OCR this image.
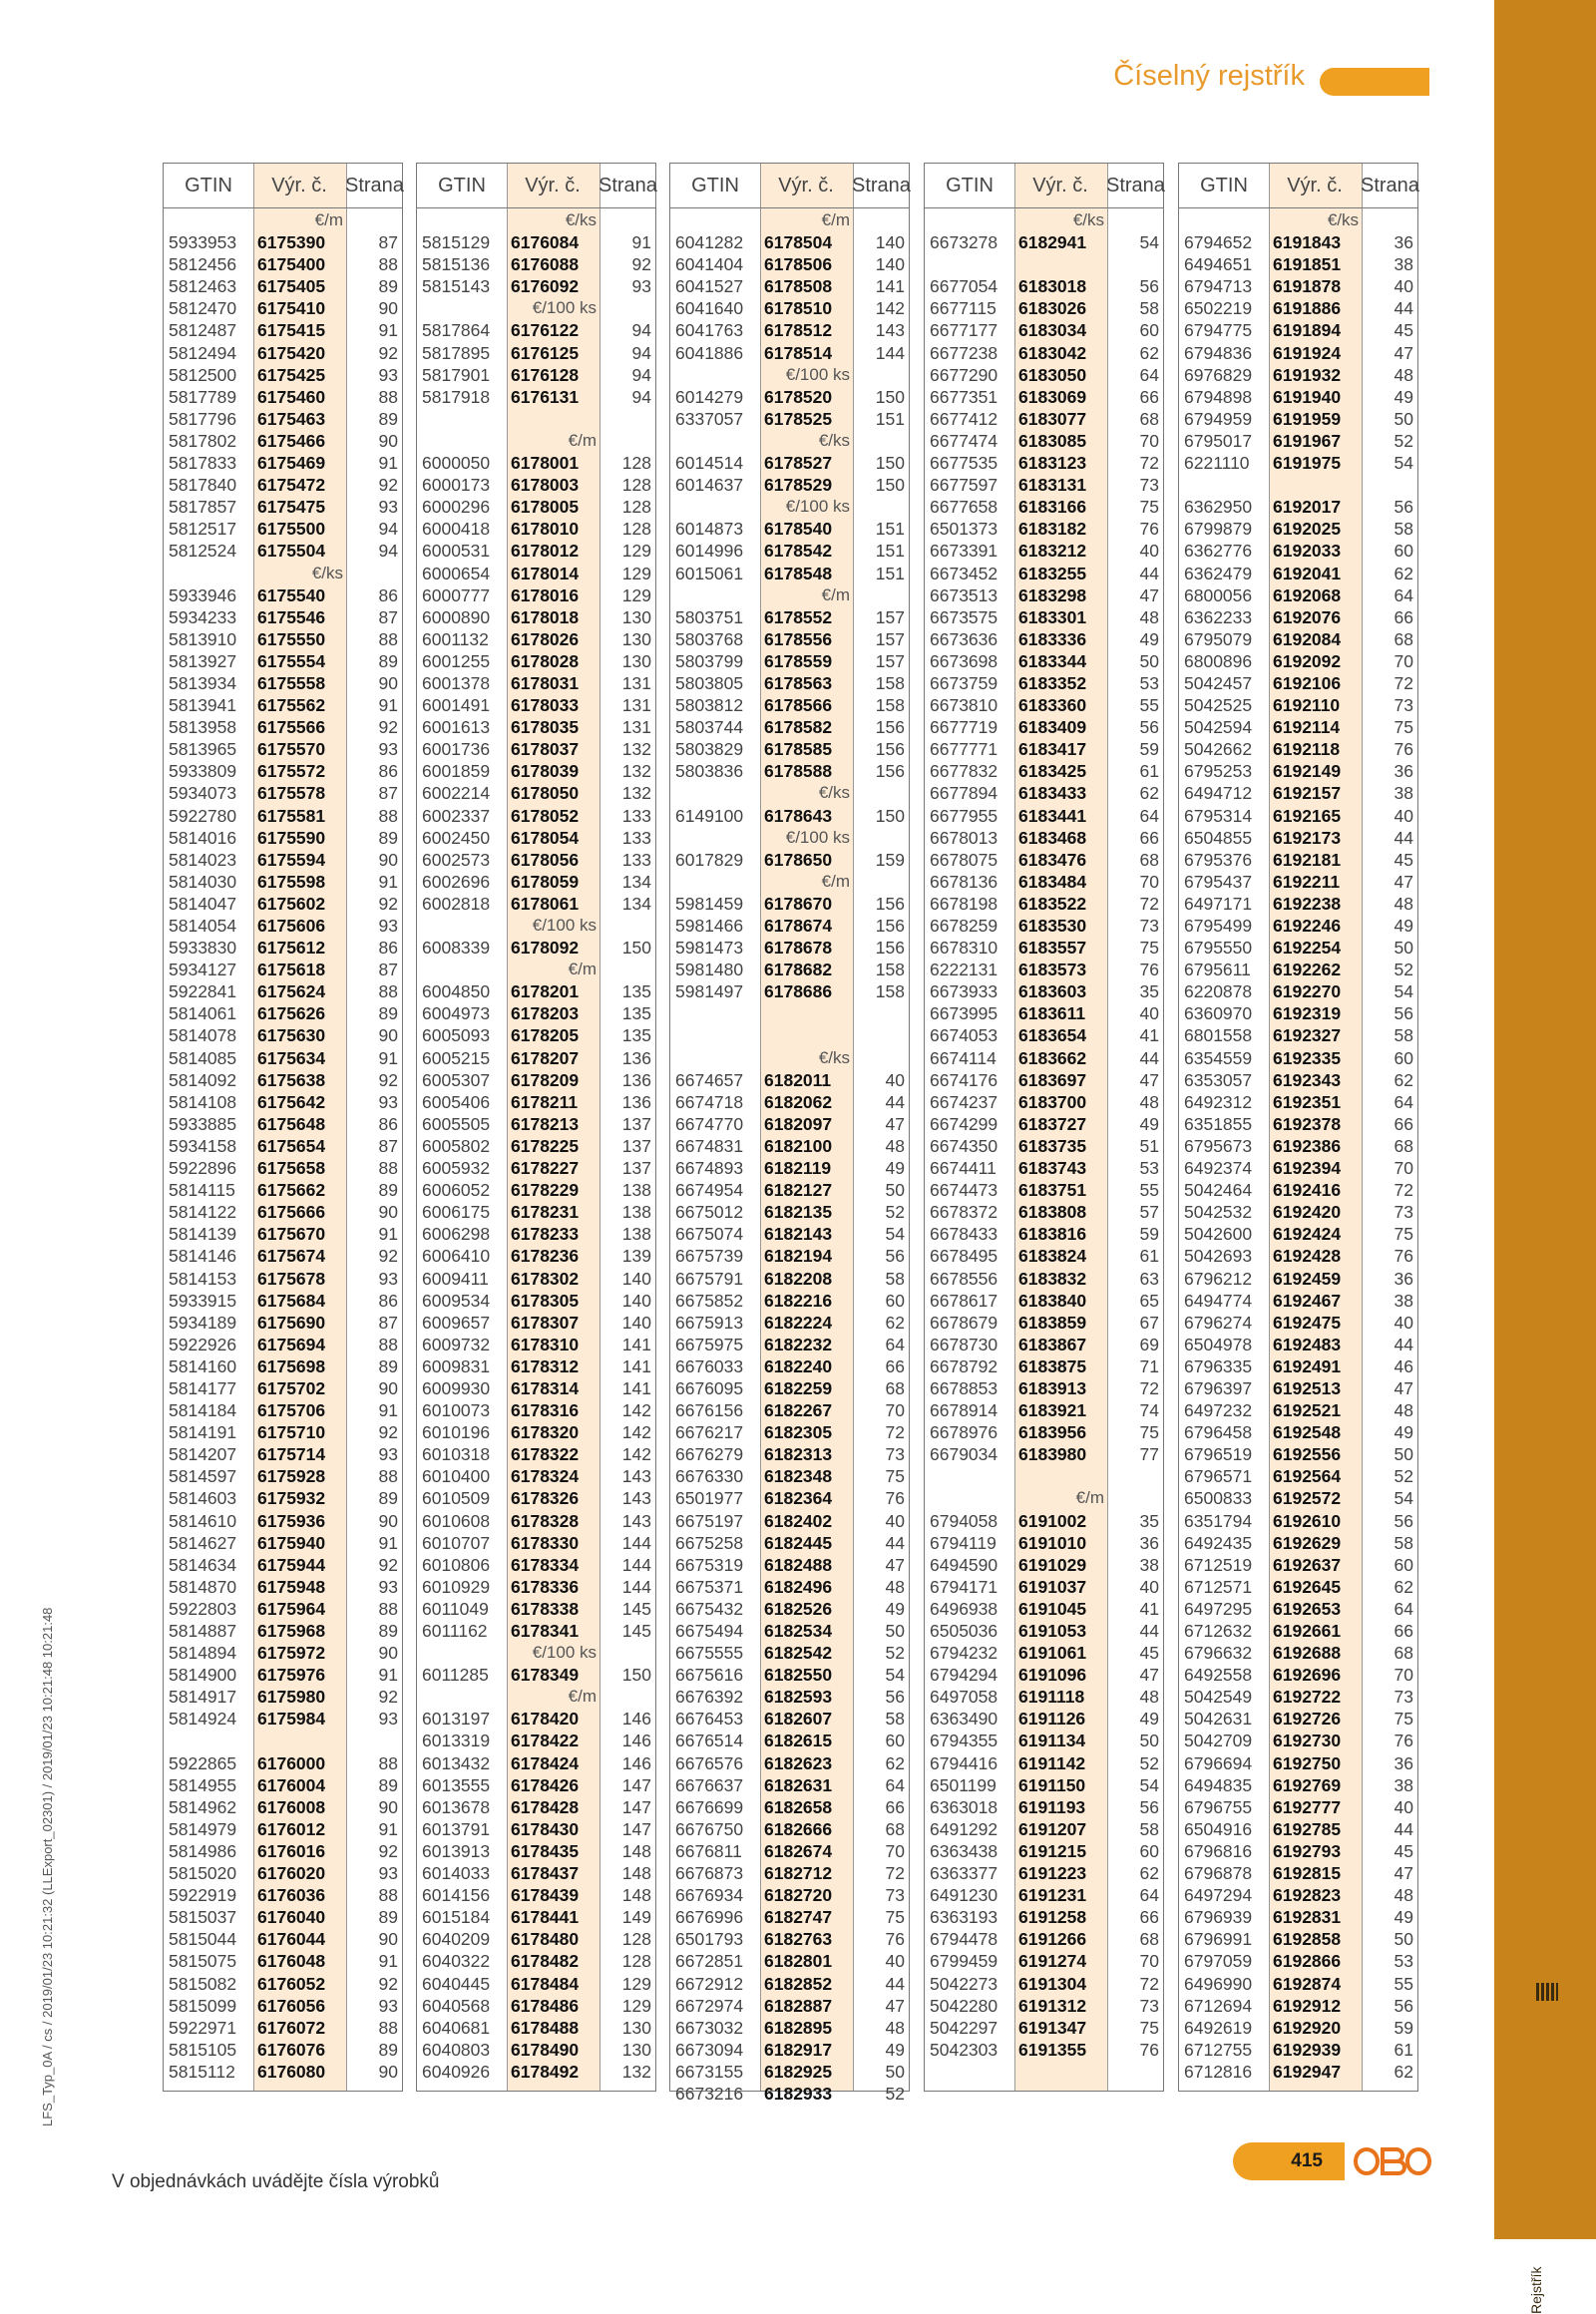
Číselný rejstřík
Rejstřík
LFS_Typ_0A / cs / 2019/01/23 10:21:32 (LLExport_02301) / 2019/01/23 10:21:48 10:21:48
GTIN	Výr. č. Strana
€/m
5933953	6175390	87
5812456	6175400	88
5812463	6175405	89
5812470	6175410	90
5812487	6175415	91
5812494	6175420	92
5812500	6175425	93
5817789	6175460	88
5817796	6175463	89
5817802	6175466	90
5817833	6175469	91
5817840	6175472	92
5817857	6175475	93
5812517	6175500	94
5812524	6175504	94
€/ks
5933946	6175540	86
5934233	6175546	87
5813910	6175550	88
5813927	6175554	89
5813934	6175558	90
5813941	6175562	91
5813958	6175566	92
5813965	6175570	93
5933809	6175572	86
5934073	6175578	87
5922780	6175581	88
5814016	6175590	89
5814023	6175594	90
5814030	6175598	91
5814047	6175602	92
5814054	6175606	93
5933830	6175612	86
5934127	6175618	87
5922841	6175624	88
5814061	6175626	89
5814078	6175630	90
5814085	6175634	91
5814092	6175638	92
5814108	6175642	93
5933885	6175648	86
5934158	6175654	87
5922896	6175658	88
5814115	6175662	89
5814122	6175666	90
5814139	6175670	91
5814146	6175674	92
5814153	6175678	93
5933915	6175684	86
5934189	6175690	87
5922926	6175694	88
5814160	6175698	89
5814177	6175702	90
5814184	6175706	91
5814191	6175710	92
5814207	6175714	93
5814597	6175928	88
5814603	6175932	89
5814610	6175936	90
5814627	6175940	91
5814634	6175944	92
5814870	6175948	93
5922803	6175964	88
5814887	6175968	89
5814894	6175972	90
5814900	6175976	91
5814917	6175980	92
5814924	6175984	93
5922865	6176000	88
5814955	6176004	89
5814962	6176008	90
5814979	6176012	91
5814986	6176016	92
5815020	6176020	93
5922919	6176036	88
5815037	6176040	89
5815044	6176044	90
5815075	6176048	91
5815082	6176052	92
5815099	6176056	93
5922971	6176072	88
5815105	6176076	89
5815112	6176080	90
GTIN	Výr. č. Strana
€/ks
5815129	6176084	91
5815136	6176088	92
5815143	6176092	93
€/100 ks
5817864	6176122	94
5817895	6176125	94
5817901	6176128	94
5817918	6176131	94
€/m
6000050	6178001	128
6000173	6178003	128
6000296	6178005	128
6000418	6178010	128
6000531	6178012	129
6000654	6178014	129
6000777	6178016	129
6000890	6178018	130
6001132	6178026	130
6001255	6178028	130
6001378	6178031	131
6001491	6178033	131
6001613	6178035	131
6001736	6178037	132
6001859	6178039	132
6002214	6178050	132
6002337	6178052	133
6002450	6178054	133
6002573	6178056	133
6002696	6178059	134
6002818	6178061	134
€/100 ks
6008339	6178092	150
€/m
6004850	6178201	135
6004973	6178203	135
6005093	6178205	135
6005215	6178207	136
6005307	6178209	136
6005406	6178211	136
6005505	6178213	137
6005802	6178225	137
6005932	6178227	137
6006052	6178229	138
6006175	6178231	138
6006298	6178233	138
6006410	6178236	139
6009411	6178302	140
6009534	6178305	140
6009657	6178307	140
6009732	6178310	141
6009831	6178312	141
6009930	6178314	141
6010073	6178316	142
6010196	6178320	142
6010318	6178322	142
6010400	6178324	143
6010509	6178326	143
6010608	6178328	143
6010707	6178330	144
6010806	6178334	144
6010929	6178336	144
6011049	6178338	145
6011162	6178341	145
€/100 ks
6011285	6178349	150
€/m
6013197	6178420	146
6013319	6178422	146
6013432	6178424	146
6013555	6178426	147
6013678	6178428	147
6013791	6178430	147
6013913	6178435	148
6014033	6178437	148
6014156	6178439	148
6015184	6178441	149
6040209	6178480	128
6040322	6178482	128
6040445	6178484	129
6040568	6178486	129
6040681	6178488	130
6040803	6178490	130
6040926	6178492	132
GTIN	Výr. č. Strana
€/m
6041282	6178504	140
6041404	6178506	140
6041527	6178508	141
6041640	6178510	142
6041763	6178512	143
6041886	6178514	144
€/100 ks
6014279	6178520	150
6337057	6178525	151
€/ks
6014514	6178527	150
6014637	6178529	150
€/100 ks
6014873	6178540	151
6014996	6178542	151
6015061	6178548	151
€/m
5803751	6178552	157
5803768	6178556	157
5803799	6178559	157
5803805	6178563	158
5803812	6178566	158
5803744	6178582	156
5803829	6178585	156
5803836	6178588	156
€/ks
6149100	6178643	150
€/100 ks
6017829	6178650	159
€/m
5981459	6178670	156
5981466	6178674	156
5981473	6178678	156
5981480	6178682	158
5981497	6178686	158
€/ks
6674657	6182011	40
6674718	6182062	44
6674770	6182097	47
6674831	6182100	48
6674893	6182119	49
6674954	6182127	50
6675012	6182135	52
6675074	6182143	54
6675739	6182194	56
6675791	6182208	58
6675852	6182216	60
6675913	6182224	62
6675975	6182232	64
6676033	6182240	66
6676095	6182259	68
6676156	6182267	70
6676217	6182305	72
6676279	6182313	73
6676330	6182348	75
6501977	6182364	76
6675197	6182402	40
6675258	6182445	44
6675319	6182488	47
6675371	6182496	48
6675432	6182526	49
6675494	6182534	50
6675555	6182542	52
6675616	6182550	54
6676392	6182593	56
6676453	6182607	58
6676514	6182615	60
6676576	6182623	62
6676637	6182631	64
6676699	6182658	66
6676750	6182666	68
6676811	6182674	70
6676873	6182712	72
6676934	6182720	73
6676996	6182747	75
6501793	6182763	76
6672851	6182801	40
6672912	6182852	44
6672974	6182887	47
6673032	6182895	48
6673094	6182917	49
6673155	6182925	50
6673216	6182933	52
GTIN	Výr. č. Strana
€/ks
6673278	6182941	54
6677054	6183018	56
6677115	6183026	58
6677177	6183034	60
6677238	6183042	62
6677290	6183050	64
6677351	6183069	66
6677412	6183077	68
6677474	6183085	70
6677535	6183123	72
6677597	6183131	73
6677658	6183166	75
6501373	6183182	76
6673391	6183212	40
6673452	6183255	44
6673513	6183298	47
6673575	6183301	48
6673636	6183336	49
6673698	6183344	50
6673759	6183352	53
6673810	6183360	55
6677719	6183409	56
6677771	6183417	59
6677832	6183425	61
6677894	6183433	62
6677955	6183441	64
6678013	6183468	66
6678075	6183476	68
6678136	6183484	70
6678198	6183522	72
6678259	6183530	73
6678310	6183557	75
6222131	6183573	76
6673933	6183603	35
6673995	6183611	40
6674053	6183654	41
6674114	6183662	44
6674176	6183697	47
6674237	6183700	48
6674299	6183727	49
6674350	6183735	51
6674411	6183743	53
6674473	6183751	55
6678372	6183808	57
6678433	6183816	59
6678495	6183824	61
6678556	6183832	63
6678617	6183840	65
6678679	6183859	67
6678730	6183867	69
6678792	6183875	71
6678853	6183913	72
6678914	6183921	74
6678976	6183956	75
6679034	6183980	77
€/m
6794058	6191002	35
6794119	6191010	36
6494590	6191029	38
6794171	6191037	40
6496938	6191045	41
6505036	6191053	44
6794232	6191061	45
6794294	6191096	47
6497058	6191118	48
6363490	6191126	49
6794355	6191134	50
6794416	6191142	52
6501199	6191150	54
6363018	6191193	56
6491292	6191207	58
6363438	6191215	60
6363377	6191223	62
6491230	6191231	64
6363193	6191258	66
6794478	6191266	68
6799459	6191274	70
5042273	6191304	72
5042280	6191312	73
5042297	6191347	75
5042303	6191355	76
GTIN	Výr. č. Strana
€/ks
6794652	6191843	36
6494651	6191851	38
6794713	6191878	40
6502219	6191886	44
6794775	6191894	45
6794836	6191924	47
6976829	6191932	48
6794898	6191940	49
6794959	6191959	50
6795017	6191967	52
6221110	6191975	54
6362950	6192017	56
6799879	6192025	58
6362776	6192033	60
6362479	6192041	62
6800056	6192068	64
6362233	6192076	66
6795079	6192084	68
6800896	6192092	70
5042457	6192106	72
5042525	6192110	73
5042594	6192114	75
5042662	6192118	76
6795253	6192149	36
6494712	6192157	38
6795314	6192165	40
6504855	6192173	44
6795376	6192181	45
6795437	6192211	47
6497171	6192238	48
6795499	6192246	49
6795550	6192254	50
6795611	6192262	52
6220878	6192270	54
6360970	6192319	56
6801558	6192327	58
6354559	6192335	60
6353057	6192343	62
6492312	6192351	64
6351855	6192378	66
6795673	6192386	68
6492374	6192394	70
5042464	6192416	72
5042532	6192420	73
5042600	6192424	75
5042693	6192428	76
6796212	6192459	36
6494774	6192467	38
6796274	6192475	40
6504978	6192483	44
6796335	6192491	46
6796397	6192513	47
6497232	6192521	48
6796458	6192548	49
6796519	6192556	50
6796571	6192564	52
6500833	6192572	54
6351794	6192610	56
6492435	6192629	58
6712519	6192637	60
6712571	6192645	62
6497295	6192653	64
6712632	6192661	66
6796632	6192688	68
6492558	6192696	70
5042549	6192722	73
5042631	6192726	75
5042709	6192730	76
6796694	6192750	36
6494835	6192769	38
6796755	6192777	40
6504916	6192785	44
6796816	6192793	45
6796878	6192815	47
6497294	6192823	48
6796939	6192831	49
6796991	6192858	50
6797059	6192866	53
6496990	6192874	55
6712694	6192912	56
6492619	6192920	59
6712755	6192939	61
6712816	6192947	62
V objednávkách uvádějte čísla výrobků
415
